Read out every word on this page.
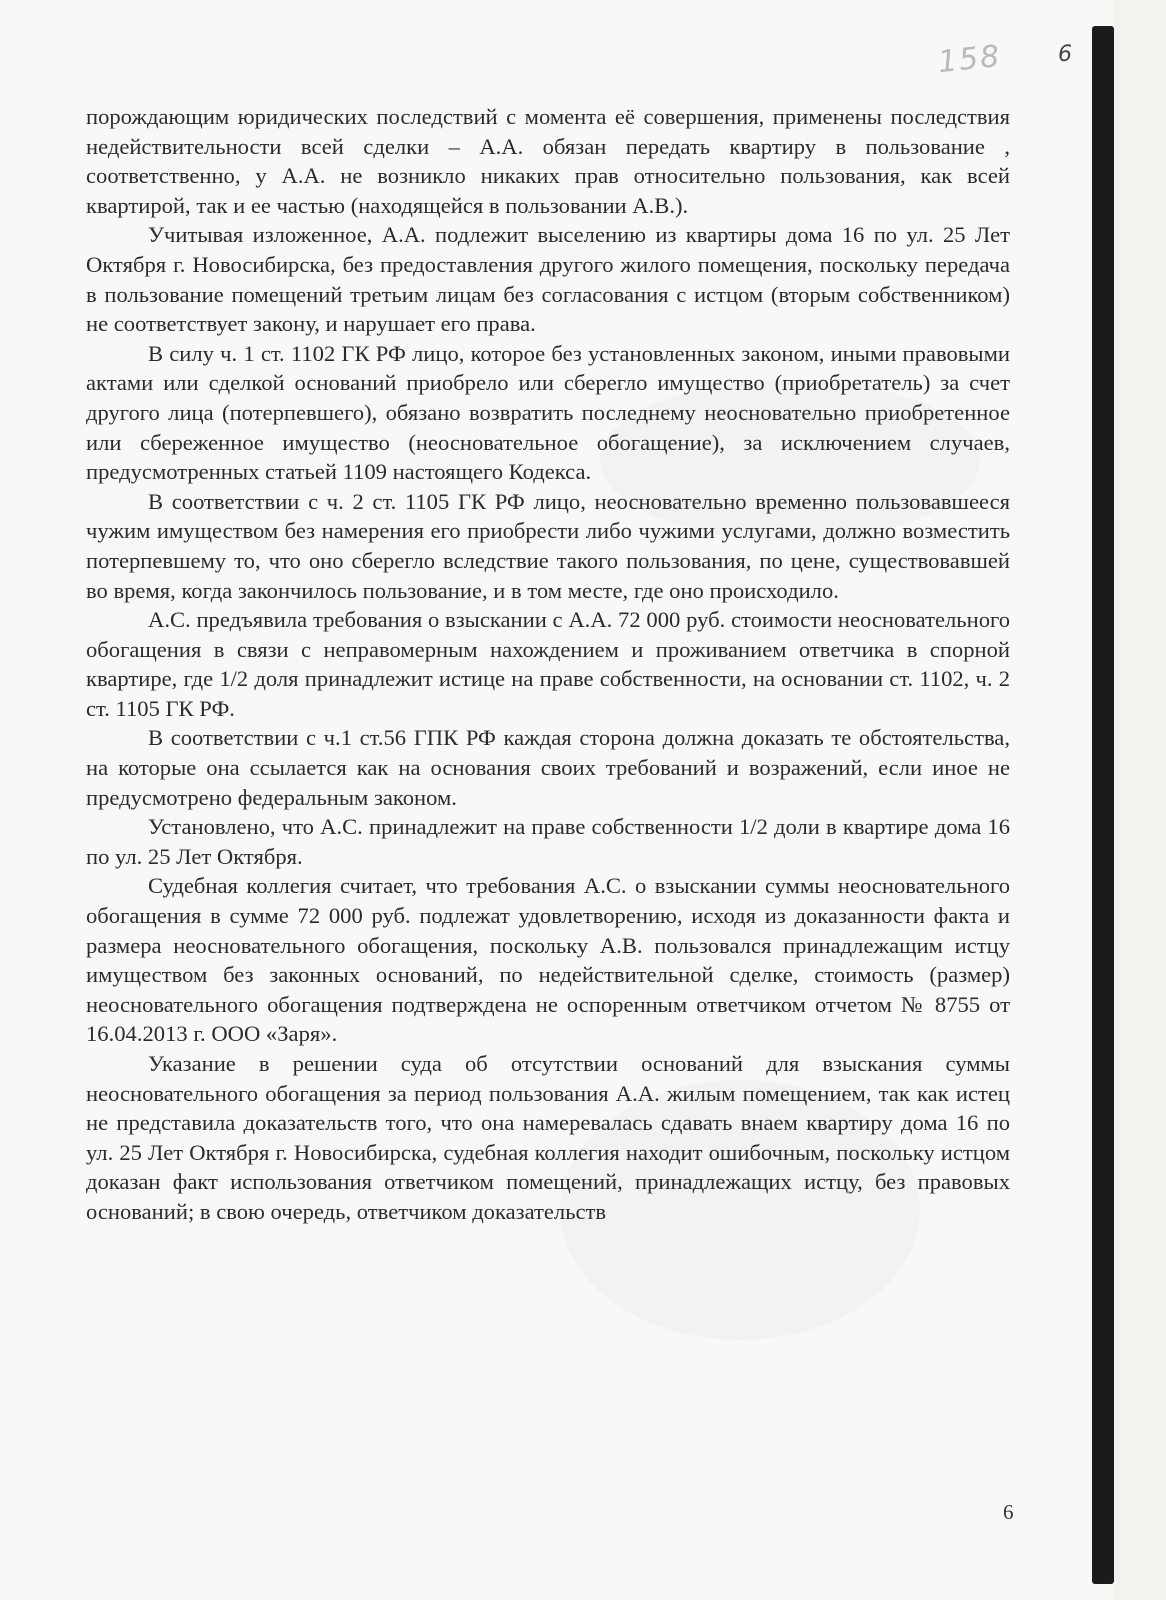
158	6

порождающим юридических последствий с момента её совершения, применены последствия недействительности всей сделки – А.А. обязан передать квартиру в пользование , соответственно, у А.А. не возникло никаких прав относительно пользования, как всей квартирой, так и ее частью (находящейся в пользовании А.В.).

Учитывая изложенное, А.А. подлежит выселению из квартиры дома 16 по ул. 25 Лет Октября г. Новосибирска, без предоставления другого жилого помещения, поскольку передача в пользование помещений третьим лицам без согласования с истцом (вторым собственником) не соответствует закону, и нарушает его права.

В силу ч. 1 ст. 1102 ГК РФ лицо, которое без установленных законом, иными правовыми актами или сделкой оснований приобрело или сберегло имущество (приобретатель) за счет другого лица (потерпевшего), обязано возвратить последнему неосновательно приобретенное или сбереженное имущество (неосновательное обогащение), за исключением случаев, предусмотренных статьей 1109 настоящего Кодекса.

В соответствии с ч. 2 ст. 1105 ГК РФ лицо, неосновательно временно пользовавшееся чужим имуществом без намерения его приобрести либо чужими услугами, должно возместить потерпевшему то, что оно сберегло вследствие такого пользования, по цене, существовавшей во время, когда закончилось пользование, и в том месте, где оно происходило.

А.С. предъявила требования о взыскании с А.А. 72 000 руб. стоимости неосновательного обогащения в связи с неправомерным нахождением и проживанием ответчика в спорной квартире, где 1/2 доля принадлежит истице на праве собственности, на основании ст. 1102, ч. 2 ст. 1105 ГК РФ.

В соответствии с ч.1 ст.56 ГПК РФ каждая сторона должна доказать те обстоятельства, на которые она ссылается как на основания своих требований и возражений, если иное не предусмотрено федеральным законом.

Установлено, что А.С. принадлежит на праве собственности 1/2 доли в квартире дома 16 по ул. 25 Лет Октября.

Судебная коллегия считает, что требования А.С. о взыскании суммы неосновательного обогащения в сумме 72 000 руб. подлежат удовлетворению, исходя из доказанности факта и размера неосновательного обогащения, поскольку А.В. пользовался принадлежащим истцу имуществом без законных оснований, по недействительной сделке, стоимость (размер) неосновательного обогащения подтверждена не оспоренным ответчиком отчетом № 8755 от 16.04.2013 г. ООО «Заря».

Указание в решении суда об отсутствии оснований для взыскания суммы неосновательного обогащения за период пользования А.А. жилым помещением, так как истец не представила доказательств того, что она намеревалась сдавать внаем квартиру дома 16 по ул. 25 Лет Октября г. Новосибирска, судебная коллегия находит ошибочным, поскольку истцом доказан факт использования ответчиком помещений, принадлежащих истцу, без правовых оснований; в свою очередь, ответчиком доказательств

6
